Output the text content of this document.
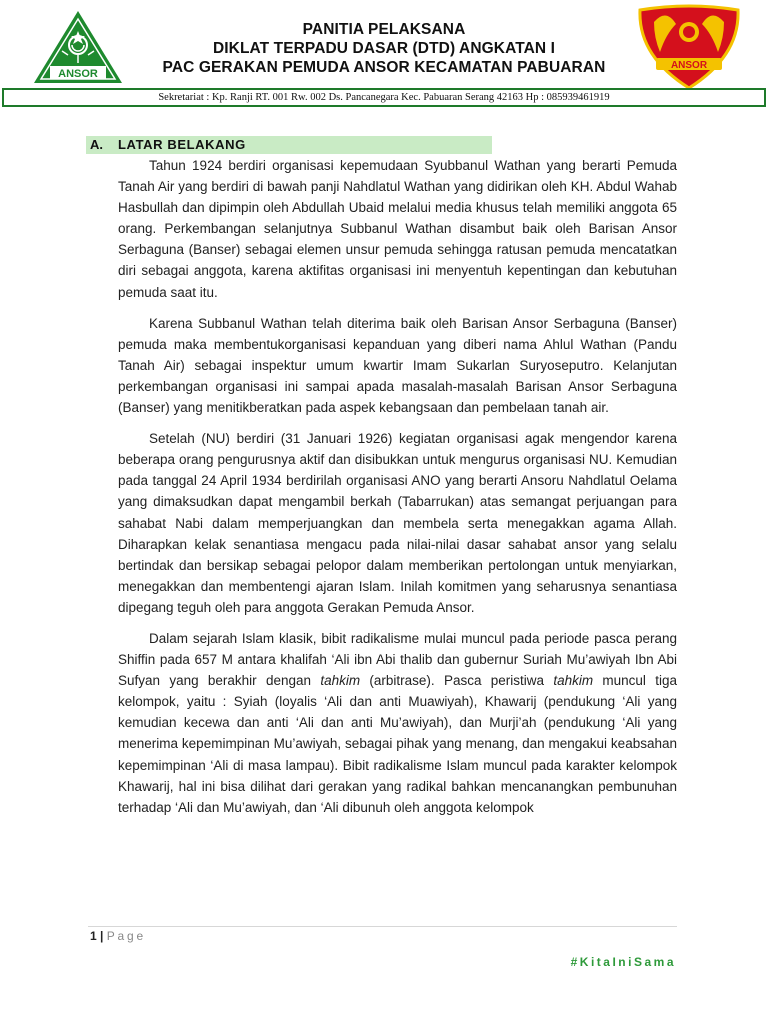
ANSOR
PANITIA PELAKSANA
DIKLAT TERPADU DASAR (DTD) ANGKATAN I
PAC GERAKAN PEMUDA ANSOR KECAMATAN PABUARAN	ANSOR
Sekretariat : Kp. Ranji RT. 001 Rw. 002 Ds. Pancanegara Kec. Pabuaran Serang 42163 Hp : 085939461919
A. LATAR BELAKANG

Tahun 1924 berdiri organisasi kepemudaan Syubbanul Wathan yang berarti Pemuda Tanah Air yang berdiri di bawah panji Nahdlatul Wathan yang didirikan oleh KH. Abdul Wahab Hasbullah dan dipimpin oleh Abdullah Ubaid melalui media khusus telah memiliki anggota 65 orang. Perkembangan selanjutnya Subbanul Wathan disambut baik oleh Barisan Ansor Serbaguna (Banser) sebagai elemen unsur pemuda sehingga ratusan pemuda mencatatkan diri sebagai anggota, karena aktifitas organisasi ini menyentuh kepentingan dan kebutuhan pemuda saat itu.

Karena Subbanul Wathan telah diterima baik oleh Barisan Ansor Serbaguna (Banser) pemuda maka membentukorganisasi kepanduan yang diberi nama Ahlul Wathan (Pandu Tanah Air) sebagai inspektur umum kwartir Imam Sukarlan Suryoseputro. Kelanjutan perkembangan organisasi ini sampai apada masalah-masalah Barisan Ansor Serbaguna (Banser) yang menitikberatkan pada aspek kebangsaan dan pembelaan tanah air.

Setelah (NU) berdiri (31 Januari 1926) kegiatan organisasi agak mengendor karena beberapa orang pengurusnya aktif dan disibukkan untuk mengurus organisasi NU. Kemudian pada tanggal 24 April 1934 berdirilah organisasi ANO yang berarti Ansoru Nahdlatul Oelama yang dimaksudkan dapat mengambil berkah (Tabarrukan) atas semangat perjuangan para sahabat Nabi dalam memperjuangkan dan membela serta menegakkan agama Allah. Diharapkan kelak senantiasa mengacu pada nilai-nilai dasar sahabat ansor yang selalu bertindak dan bersikap sebagai pelopor dalam memberikan pertolongan untuk menyiarkan, menegakkan dan membentengi ajaran Islam. Inilah komitmen yang seharusnya senantiasa dipegang teguh oleh para anggota Gerakan Pemuda Ansor.

Dalam sejarah Islam klasik, bibit radikalisme mulai muncul pada periode pasca perang Shiffin pada 657 M antara khalifah ‘Ali ibn Abi thalib dan gubernur Suriah Mu’awiyah Ibn Abi Sufyan yang berakhir dengan tahkim (arbitrase). Pasca peristiwa tahkim muncul tiga kelompok, yaitu : Syiah (loyalis ‘Ali dan anti Muawiyah), Khawarij (pendukung ‘Ali yang kemudian kecewa dan anti ‘Ali dan anti Mu’awiyah), dan Murji’ah (pendukung ‘Ali yang menerima kepemimpinan Mu’awiyah, sebagai pihak yang menang, dan mengakui keabsahan kepemimpinan ‘Ali di masa lampau). Bibit radikalisme Islam muncul pada karakter kelompok Khawarij, hal ini bisa dilihat dari gerakan yang radikal bahkan mencanangkan pembunuhan terhadap ‘Ali dan Mu’awiyah, dan ‘Ali dibunuh oleh anggota kelompok

1 | Page
#KitaIniSama
